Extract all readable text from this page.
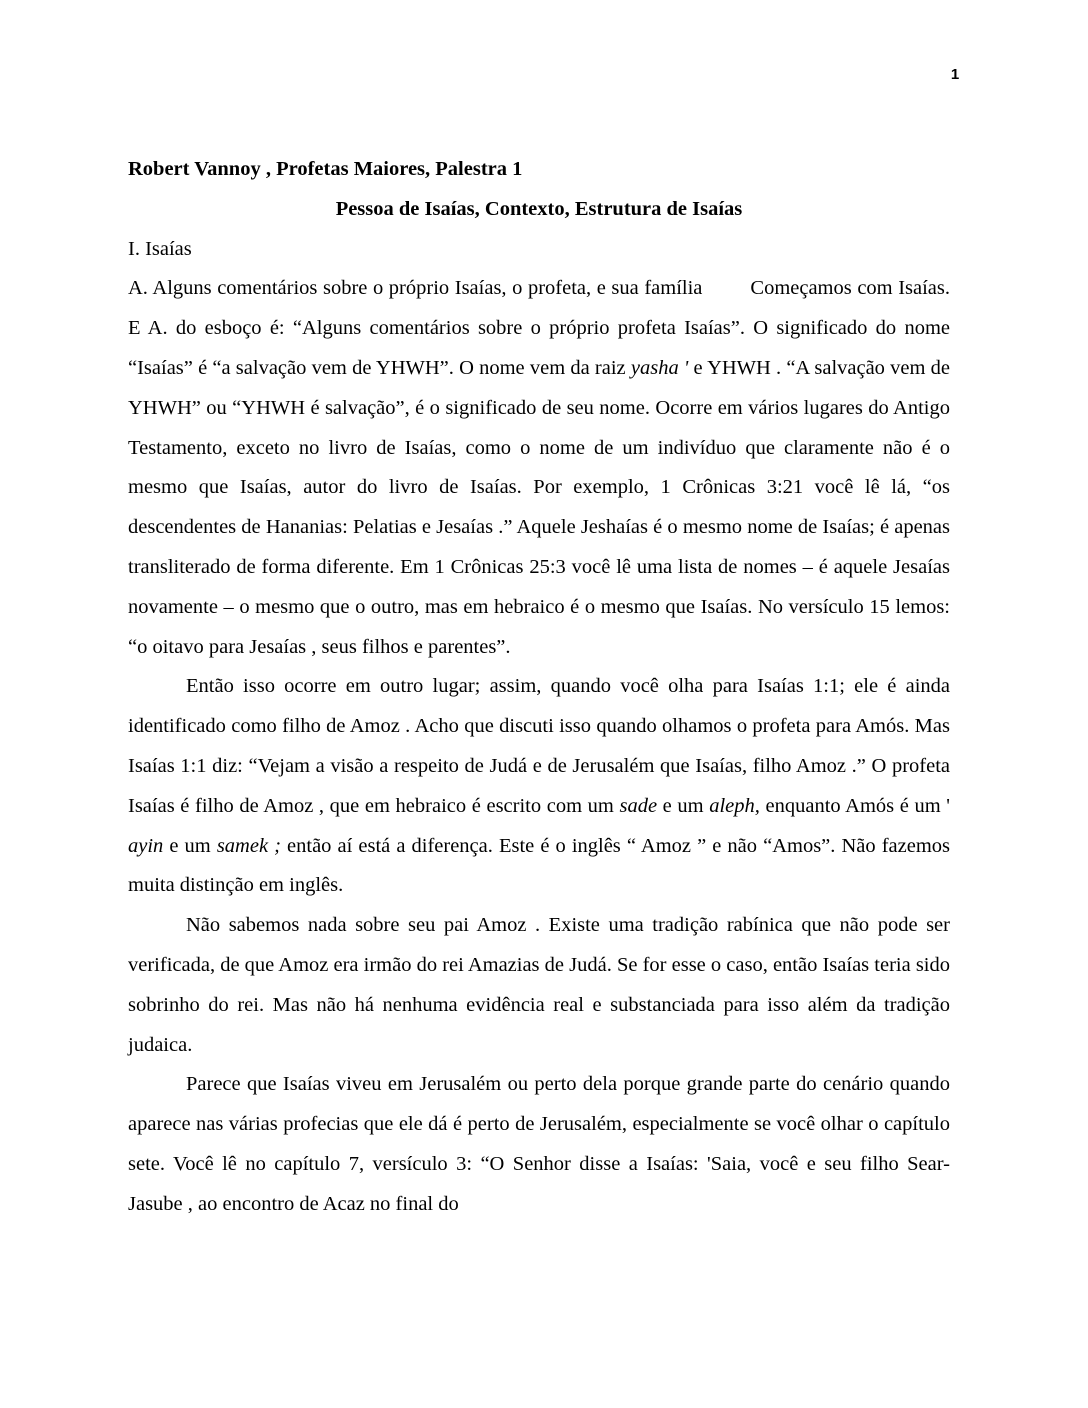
1

Robert Vannoy , Profetas Maiores, Palestra 1

Pessoa de Isaías, Contexto, Estrutura de Isaías

I. Isaías

A. Alguns comentários sobre o próprio Isaías, o profeta, e sua família Começamos com Isaías. E A. do esboço é: “Alguns comentários sobre o próprio profeta Isaías”. O significado do nome “Isaías” é “a salvação vem de YHWH”. O nome vem da raiz yasha ' e YHWH . “A salvação vem de YHWH” ou “YHWH é salvação”, é o significado de seu nome. Ocorre em vários lugares do Antigo Testamento, exceto no livro de Isaías, como o nome de um indivíduo que claramente não é o mesmo que Isaías, autor do livro de Isaías. Por exemplo, 1 Crônicas 3:21 você lê lá, “os descendentes de Hananias: Pelatias e Jesaías .” Aquele Jeshaías é o mesmo nome de Isaías; é apenas transliterado de forma diferente. Em 1 Crônicas 25:3 você lê uma lista de nomes – é aquele Jesaías novamente – o mesmo que o outro, mas em hebraico é o mesmo que Isaías. No versículo 15 lemos: “o oitavo para Jesaías , seus filhos e parentes”.

Então isso ocorre em outro lugar; assim, quando você olha para Isaías 1:1; ele é ainda identificado como filho de Amoz . Acho que discuti isso quando olhamos o profeta para Amós. Mas Isaías 1:1 diz: “Vejam a visão a respeito de Judá e de Jerusalém que Isaías, filho Amoz .” O profeta Isaías é filho de Amoz , que em hebraico é escrito com um sade e um aleph, enquanto Amós é um ' ayin e um samek ; então aí está a diferença. Este é o inglês “ Amoz ” e não “Amos”. Não fazemos muita distinção em inglês.

Não sabemos nada sobre seu pai Amoz . Existe uma tradição rabínica que não pode ser verificada, de que Amoz era irmão do rei Amazias de Judá. Se for esse o caso, então Isaías teria sido sobrinho do rei. Mas não há nenhuma evidência real e substanciada para isso além da tradição judaica.

Parece que Isaías viveu em Jerusalém ou perto dela porque grande parte do cenário quando aparece nas várias profecias que ele dá é perto de Jerusalém, especialmente se você olhar o capítulo sete. Você lê no capítulo 7, versículo 3: “O Senhor disse a Isaías: 'Saia, você e seu filho Sear- Jasube , ao encontro de Acaz no final do
